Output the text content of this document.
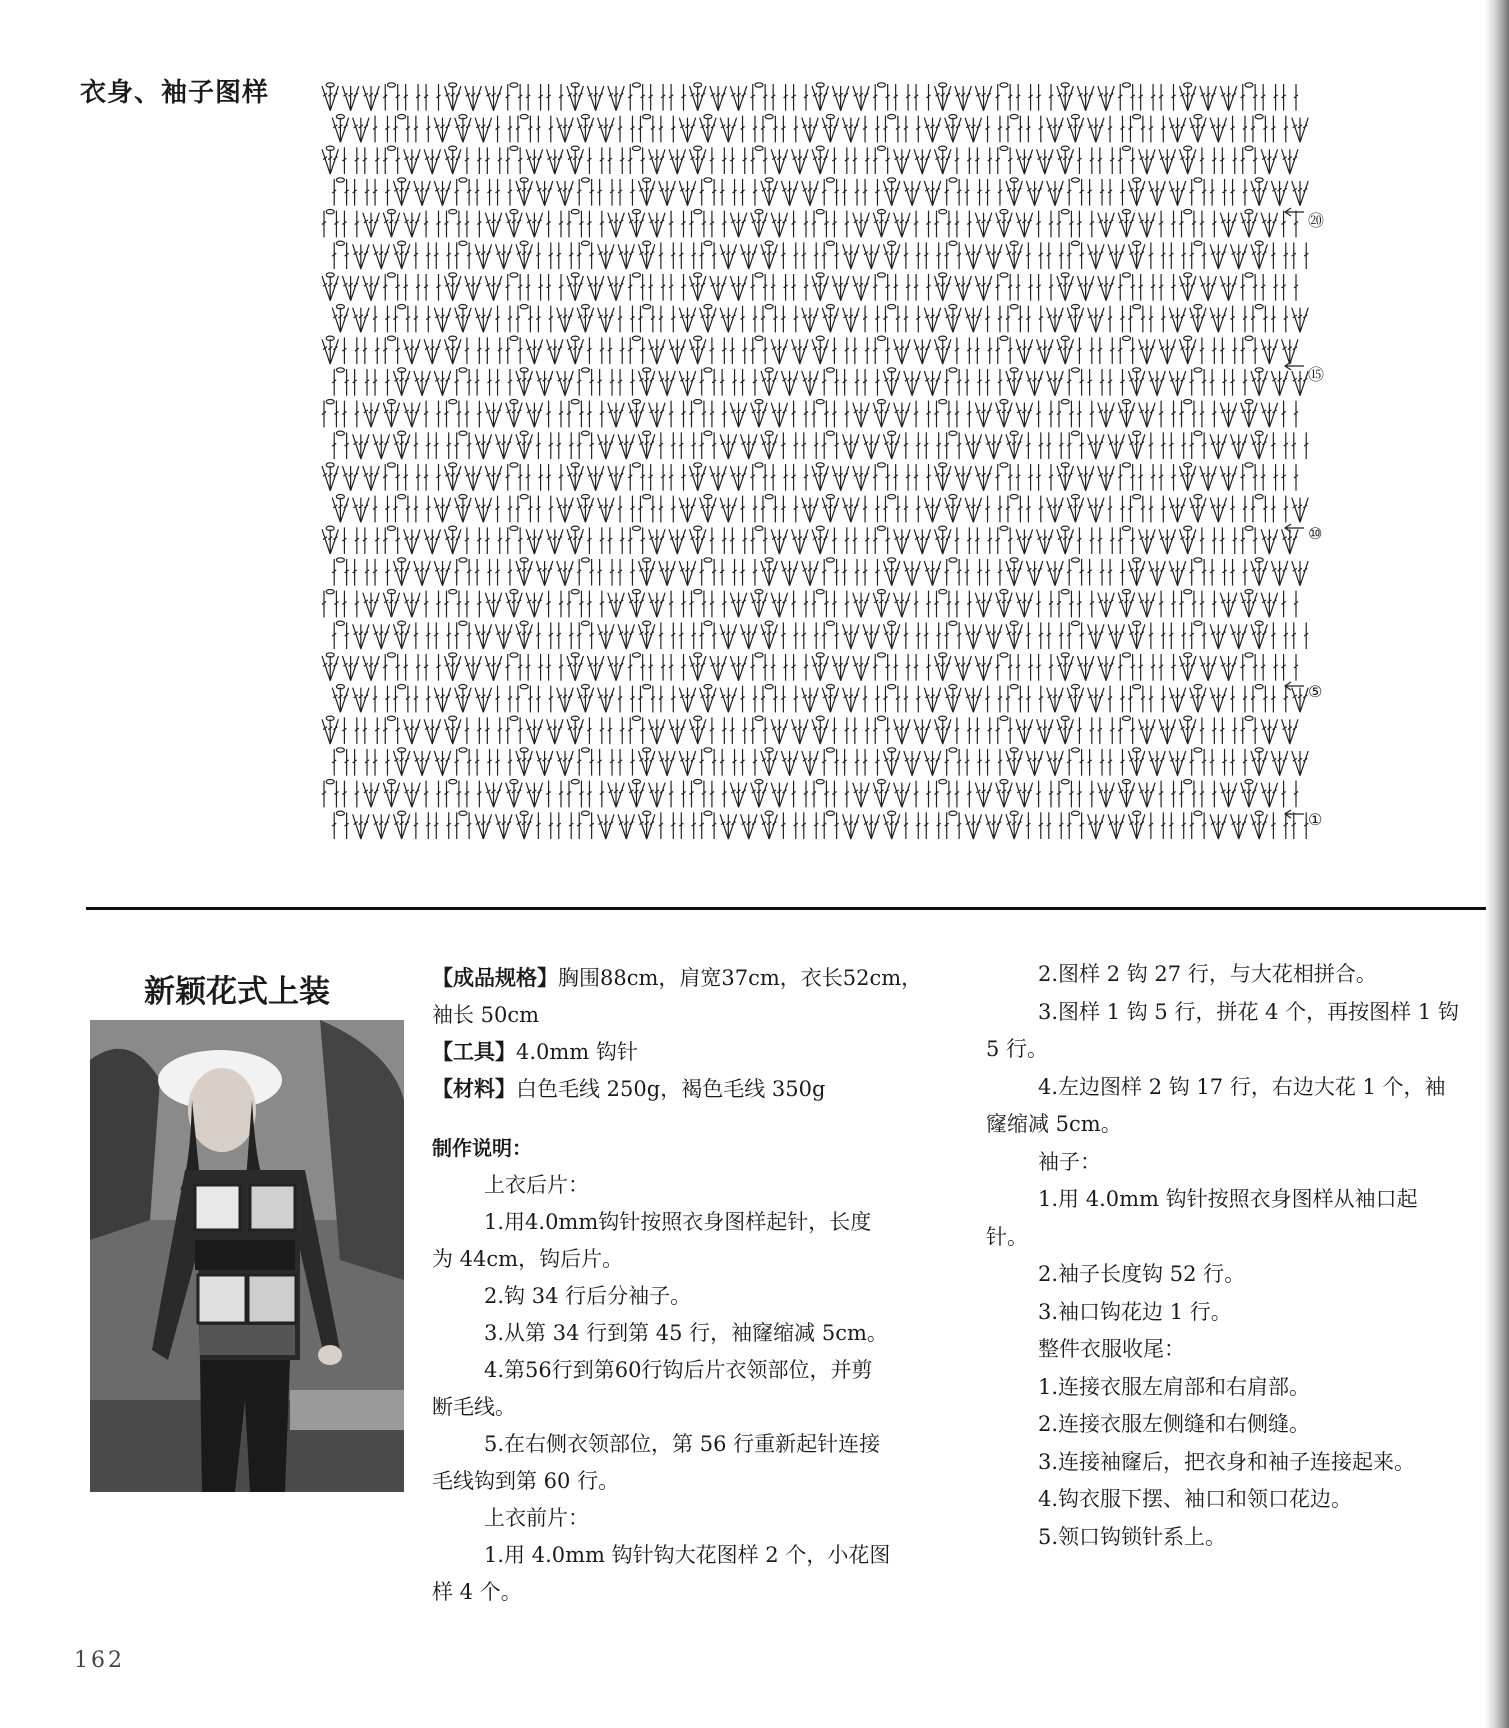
衣身、袖子图样
⑳
⑮
⑩
⑤
①
新颖花式上装	【成品规格】胸围88cm，肩宽37cm，衣长52cm，

袖长 50cm

【工具】4.0mm 钩针

【材料】白色毛线 250g，褐色毛线 350g

制作说明：

上衣后片：

1.用4.0mm钩针按照衣身图样起针，长度

为 44cm，钩后片。

2.钩 34 行后分袖子。

3.从第 34 行到第 45 行，袖窿缩减 5cm。

4.第56行到第60行钩后片衣领部位，并剪

断毛线。

5.在右侧衣领部位，第 56 行重新起针连接

毛线钩到第 60 行。

上衣前片：

1.用 4.0mm 钩针钩大花图样 2 个，小花图

样 4 个。

2.图样 2 钩 27 行，与大花相拼合。

3.图样 1 钩 5 行，拼花 4 个，再按图样 1 钩

5 行。

4.左边图样 2 钩 17 行，右边大花 1 个，袖

窿缩减 5cm。

袖子：

1.用 4.0mm 钩针按照衣身图样从袖口起

针。

2.袖子长度钩 52 行。

3.袖口钩花边 1 行。

整件衣服收尾：

1.连接衣服左肩部和右肩部。

2.连接衣服左侧缝和右侧缝。

3.连接袖窿后，把衣身和袖子连接起来。

4.钩衣服下摆、袖口和领口花边。

5.领口钩锁针系上。

162
